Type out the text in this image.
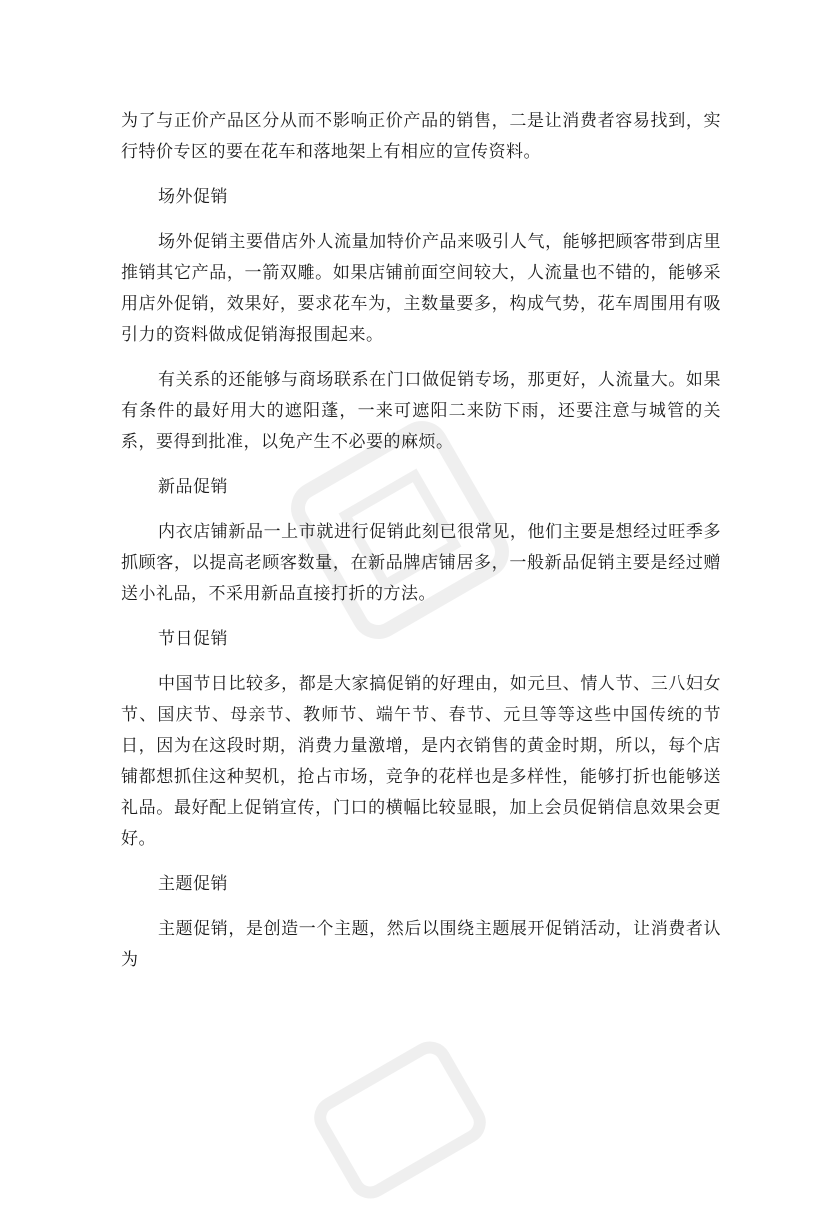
为了与正价产品区分从而不影响正价产品的销售，二是让消费者容易找到，实行特价专区的要在花车和落地架上有相应的宣传资料。

场外促销

场外促销主要借店外人流量加特价产品来吸引人气，能够把顾客带到店里推销其它产品，一箭双雕。如果店铺前面空间较大，人流量也不错的，能够采用店外促销，效果好，要求花车为，主数量要多，构成气势，花车周围用有吸引力的资料做成促销海报围起来。

有关系的还能够与商场联系在门口做促销专场，那更好，人流量大。如果有条件的最好用大的遮阳蓬，一来可遮阳二来防下雨，还要注意与城管的关系，要得到批准，以免产生不必要的麻烦。

新品促销

内衣店铺新品一上市就进行促销此刻已很常见，他们主要是想经过旺季多抓顾客，以提高老顾客数量，在新品牌店铺居多，一般新品促销主要是经过赠送小礼品，不采用新品直接打折的方法。

节日促销

中国节日比较多，都是大家搞促销的好理由，如元旦、情人节、三八妇女节、国庆节、母亲节、教师节、端午节、春节、元旦等等这些中国传统的节日，因为在这段时期，消费力量激增，是内衣销售的黄金时期，所以，每个店铺都想抓住这种契机，抢占市场，竞争的花样也是多样性，能够打折也能够送礼品。最好配上促销宣传，门口的横幅比较显眼，加上会员促销信息效果会更好。

主题促销

主题促销，是创造一个主题，然后以围绕主题展开促销活动，让消费者认为
